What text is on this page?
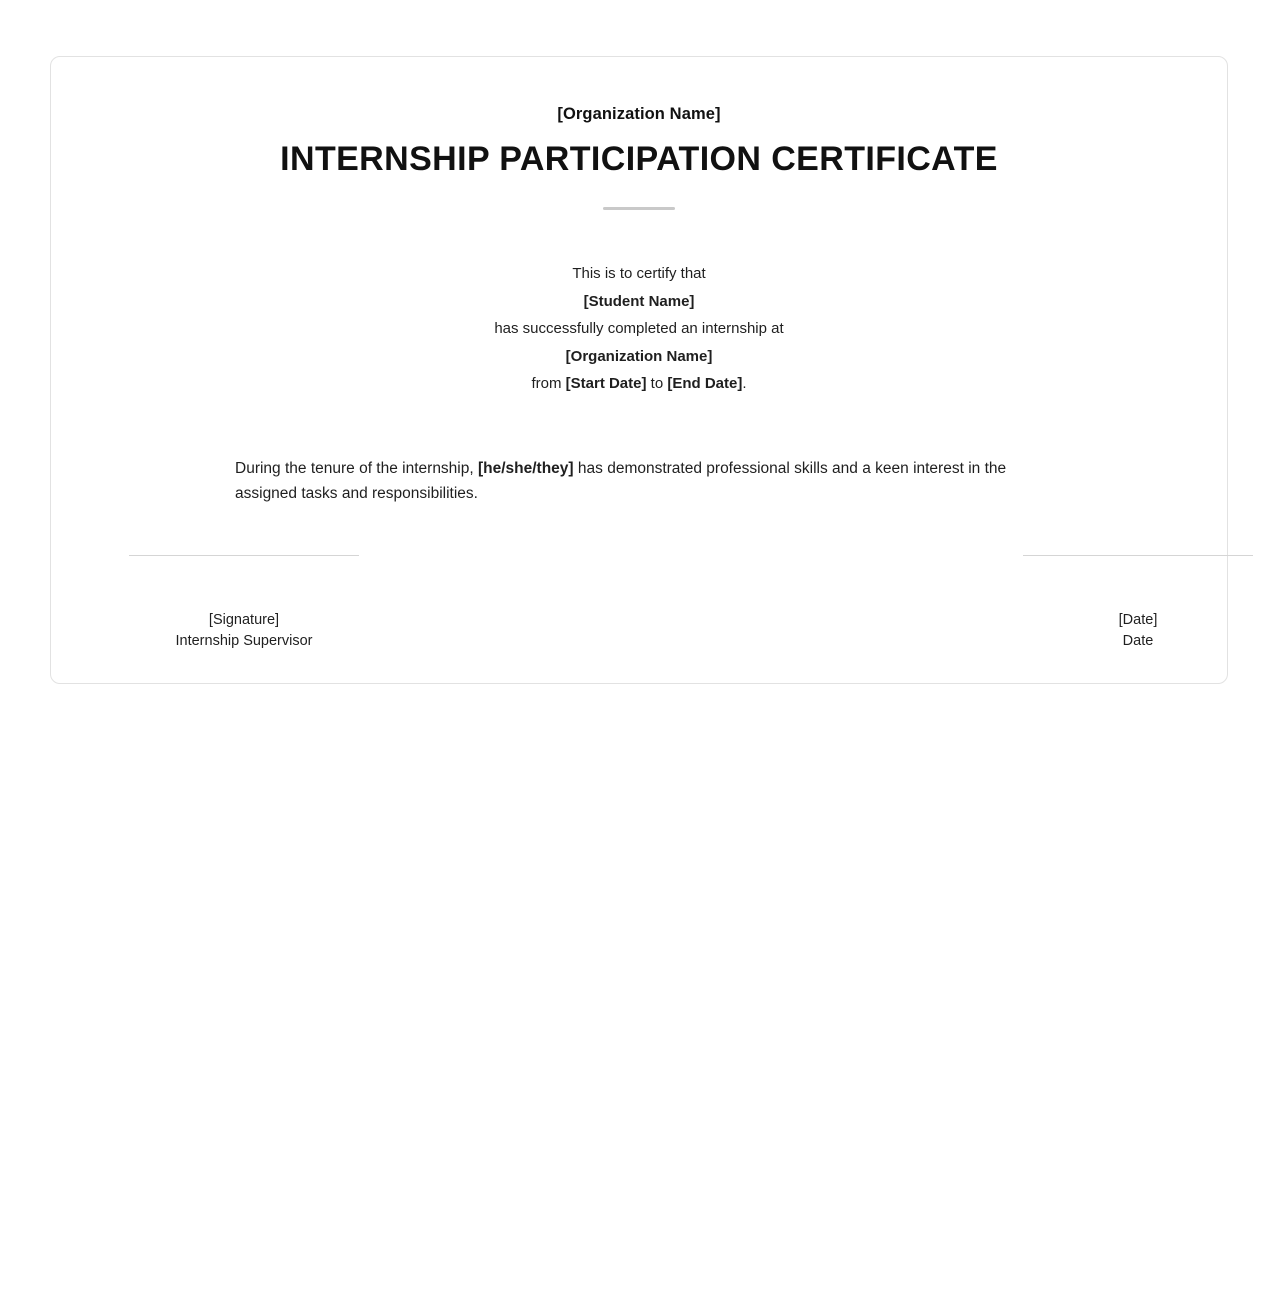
[Organization Name]
INTERNSHIP PARTICIPATION CERTIFICATE
This is to certify that
[Student Name]
has successfully completed an internship at
[Organization Name]
from [Start Date] to [End Date].
During the tenure of the internship, [he/she/they] has demonstrated professional skills and a keen interest in the assigned tasks and responsibilities.
[Signature]
Internship Supervisor
[Date]
Date
